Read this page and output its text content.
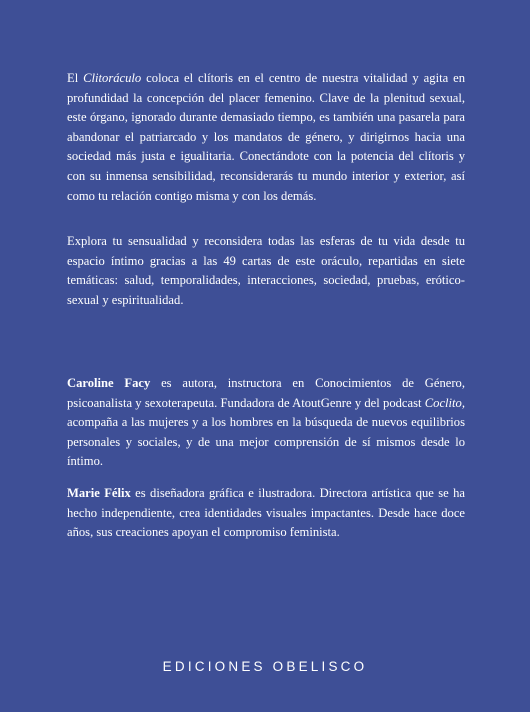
El Clitoráculo coloca el clítoris en el centro de nuestra vitalidad y agita en profundidad la concepción del placer femenino. Clave de la plenitud sexual, este órgano, ignorado durante demasiado tiempo, es también una pasarela para abandonar el patriarcado y los mandatos de género, y dirigirnos hacia una sociedad más justa e igualitaria. Conectándote con la potencia del clítoris y con su inmensa sensibilidad, reconsiderarás tu mundo interior y exterior, así como tu relación contigo misma y con los demás.

Explora tu sensualidad y reconsidera todas las esferas de tu vida desde tu espacio íntimo gracias a las 49 cartas de este oráculo, repartidas en siete temáticas: salud, temporalidades, interacciones, sociedad, pruebas, erótico-sexual y espiritualidad.

Caroline Facy es autora, instructora en Conocimientos de Género, psicoanalista y sexoterapeuta. Fundadora de AtoutGenre y del podcast Coclito, acompaña a las mujeres y a los hombres en la búsqueda de nuevos equilibrios personales y sociales, y de una mejor comprensión de sí mismos desde lo íntimo.

Marie Félix es diseñadora gráfica e ilustradora. Directora artística que se ha hecho independiente, crea identidades visuales impactantes. Desde hace doce años, sus creaciones apoyan el compromiso feminista.

EDICIONES OBELISCO
